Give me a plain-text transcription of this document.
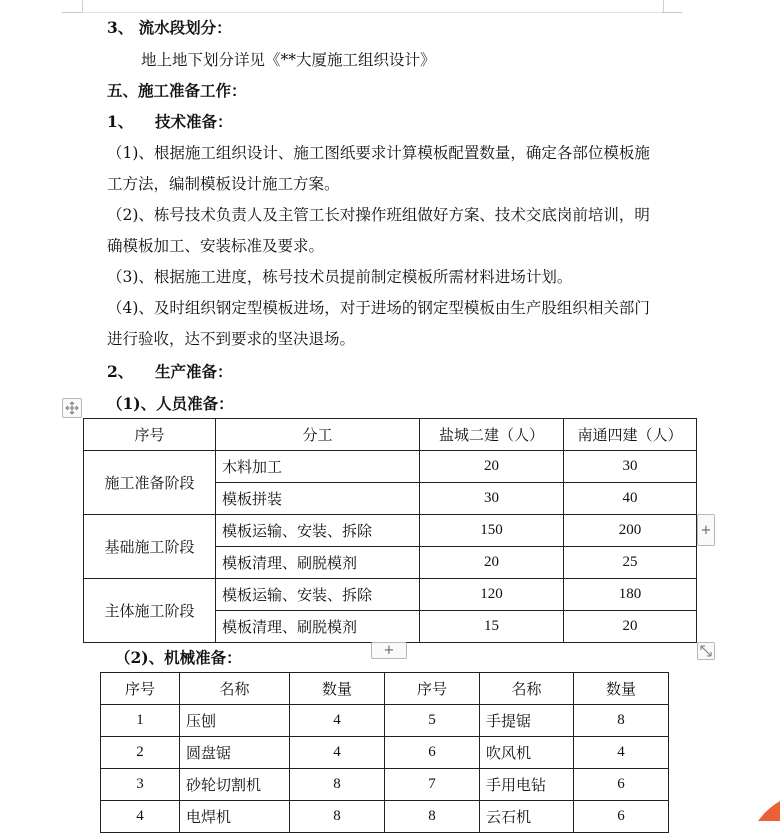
3、 流水段划分：
地上地下划分详见《**大厦施工组织设计》
五、施工准备工作：
1、 技术准备：
（1)、根据施工组织设计、施工图纸要求计算模板配置数量，确定各部位模板施
工方法，编制模板设计施工方案。
（2)、栋号技术负责人及主管工长对操作班组做好方案、技术交底岗前培训，明
确模板加工、安装标准及要求。
（3)、根据施工进度，栋号技术员提前制定模板所需材料进场计划。
（4)、及时组织钢定型模板进场，对于进场的钢定型模板由生产股组织相关部门
进行验收，达不到要求的坚决退场。
2、 生产准备：
（1)、人员准备：
序号	分工	盐城二建（人）	南通四建（人）
施工准备阶段	木料加工	20	30
	模板拼装	30	40
基础施工阶段	模板运输、安装、拆除	150	200
	模板清理、刷脱模剂	20	25
主体施工阶段	模板运输、安装、拆除	120	180
	模板清理、刷脱模剂	15	20
+
+
（2)、机械准备：
序号	名称	数量	序号	名称	数量
1	压刨	4	5	手提锯	8
2	圆盘锯	4	6	吹风机	4
3	砂轮切割机	8	7	手用电钻	6
4	电焊机	8	8	云石机	6
